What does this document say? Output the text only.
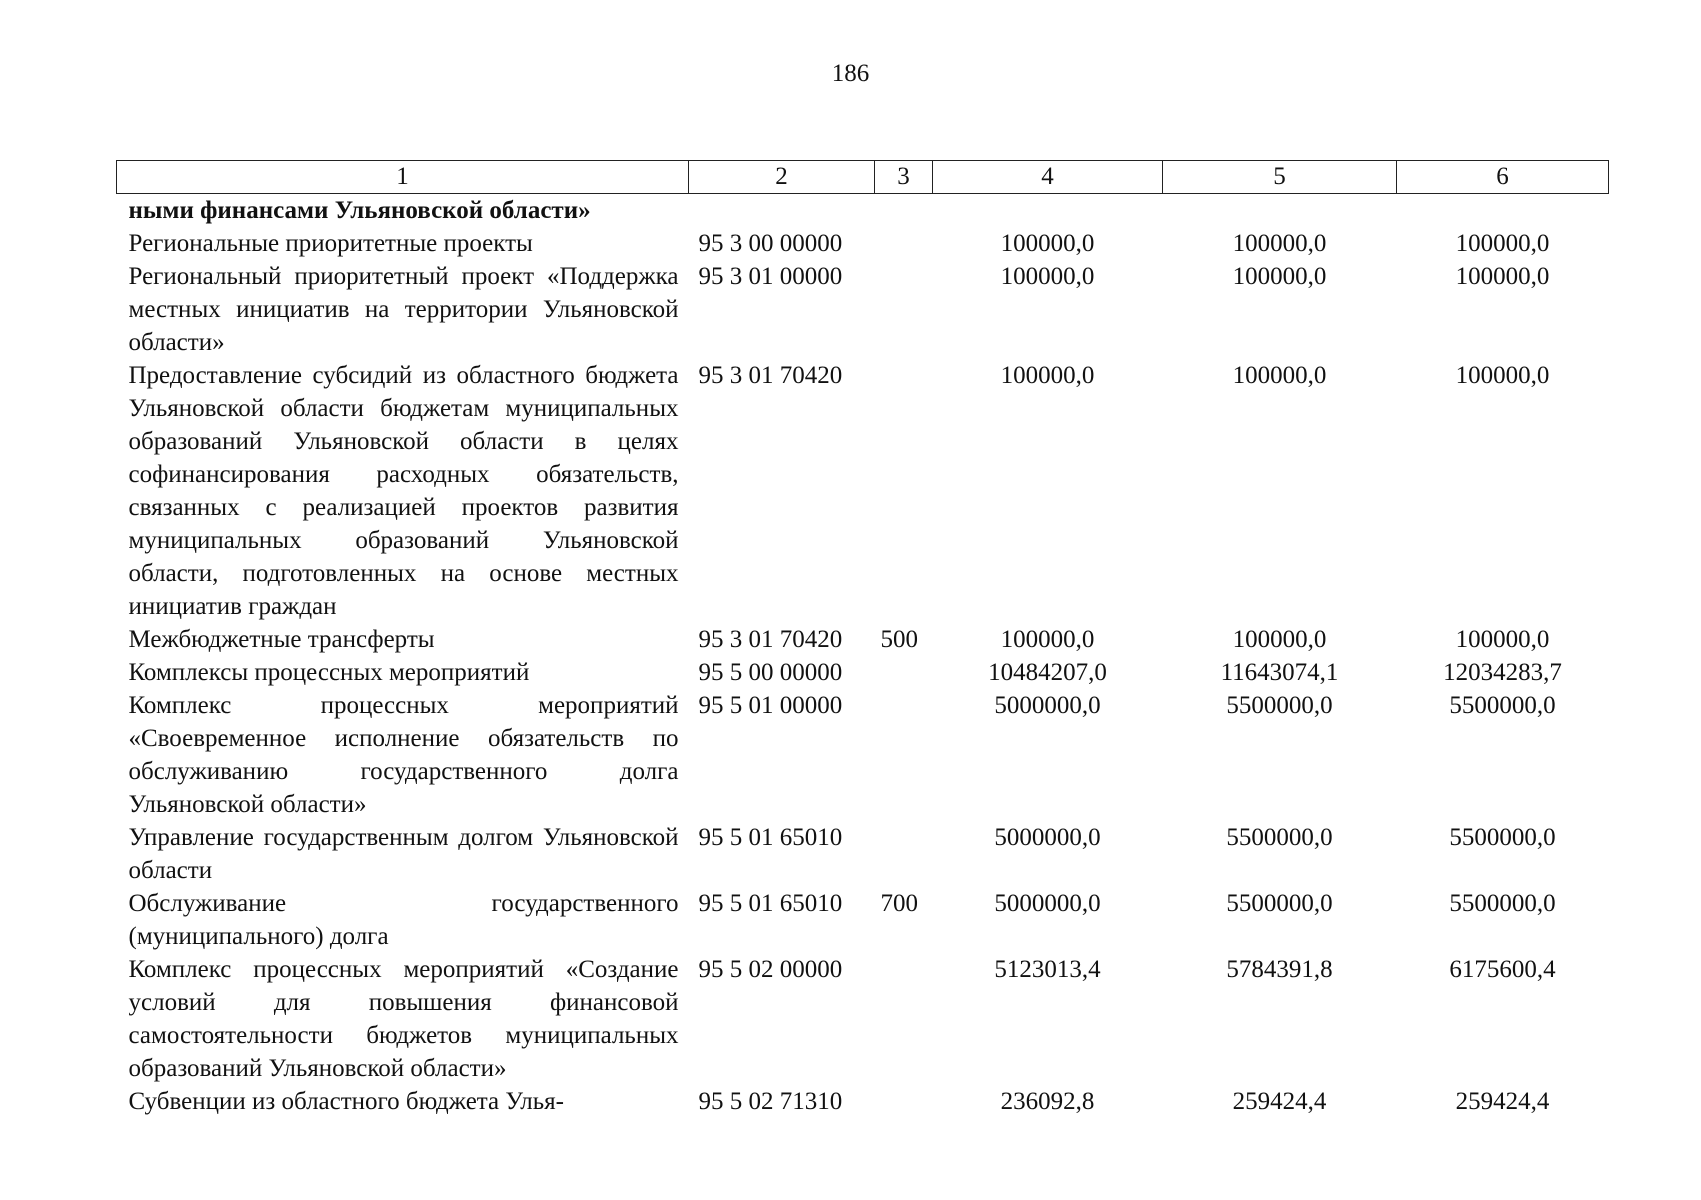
186
1	2	3	4	5	6
ными финансами Ульяновской области»					
Региональные приоритетные проекты	95 3 00 00000		100000,0	100000,0	100000,0
Региональный приоритетный проект «Поддержка местных инициатив на территории Ульяновской области»	95 3 01 00000		100000,0	100000,0	100000,0
Предоставление субсидий из областного бюджета Ульяновской области бюджетам муниципальных образований Ульяновской области в целях софинансирования расходных обязательств, связанных с реализацией проектов развития муниципальных образований Ульяновской области, подготовленных на основе местных инициатив граждан	95 3 01 70420		100000,0	100000,0	100000,0
Межбюджетные трансферты	95 3 01 70420	500	100000,0	100000,0	100000,0
Комплексы процессных мероприятий	95 5 00 00000		10484207,0	11643074,1	12034283,7
Комплекс процессных мероприятий «Своевременное исполнение обязательств по обслуживанию государственного долга Ульяновской области»	95 5 01 00000		5000000,0	5500000,0	5500000,0
Управление государственным долгом Ульяновской области	95 5 01 65010		5000000,0	5500000,0	5500000,0
Обслуживание государственного (муниципального) долга	95 5 01 65010	700	5000000,0	5500000,0	5500000,0
Комплекс процессных мероприятий «Создание условий для повышения финансовой самостоятельности бюджетов муниципальных образований Ульяновской области»	95 5 02 00000		5123013,4	5784391,8	6175600,4
Субвенции из областного бюджета Улья-	95 5 02 71310		236092,8	259424,4	259424,4
